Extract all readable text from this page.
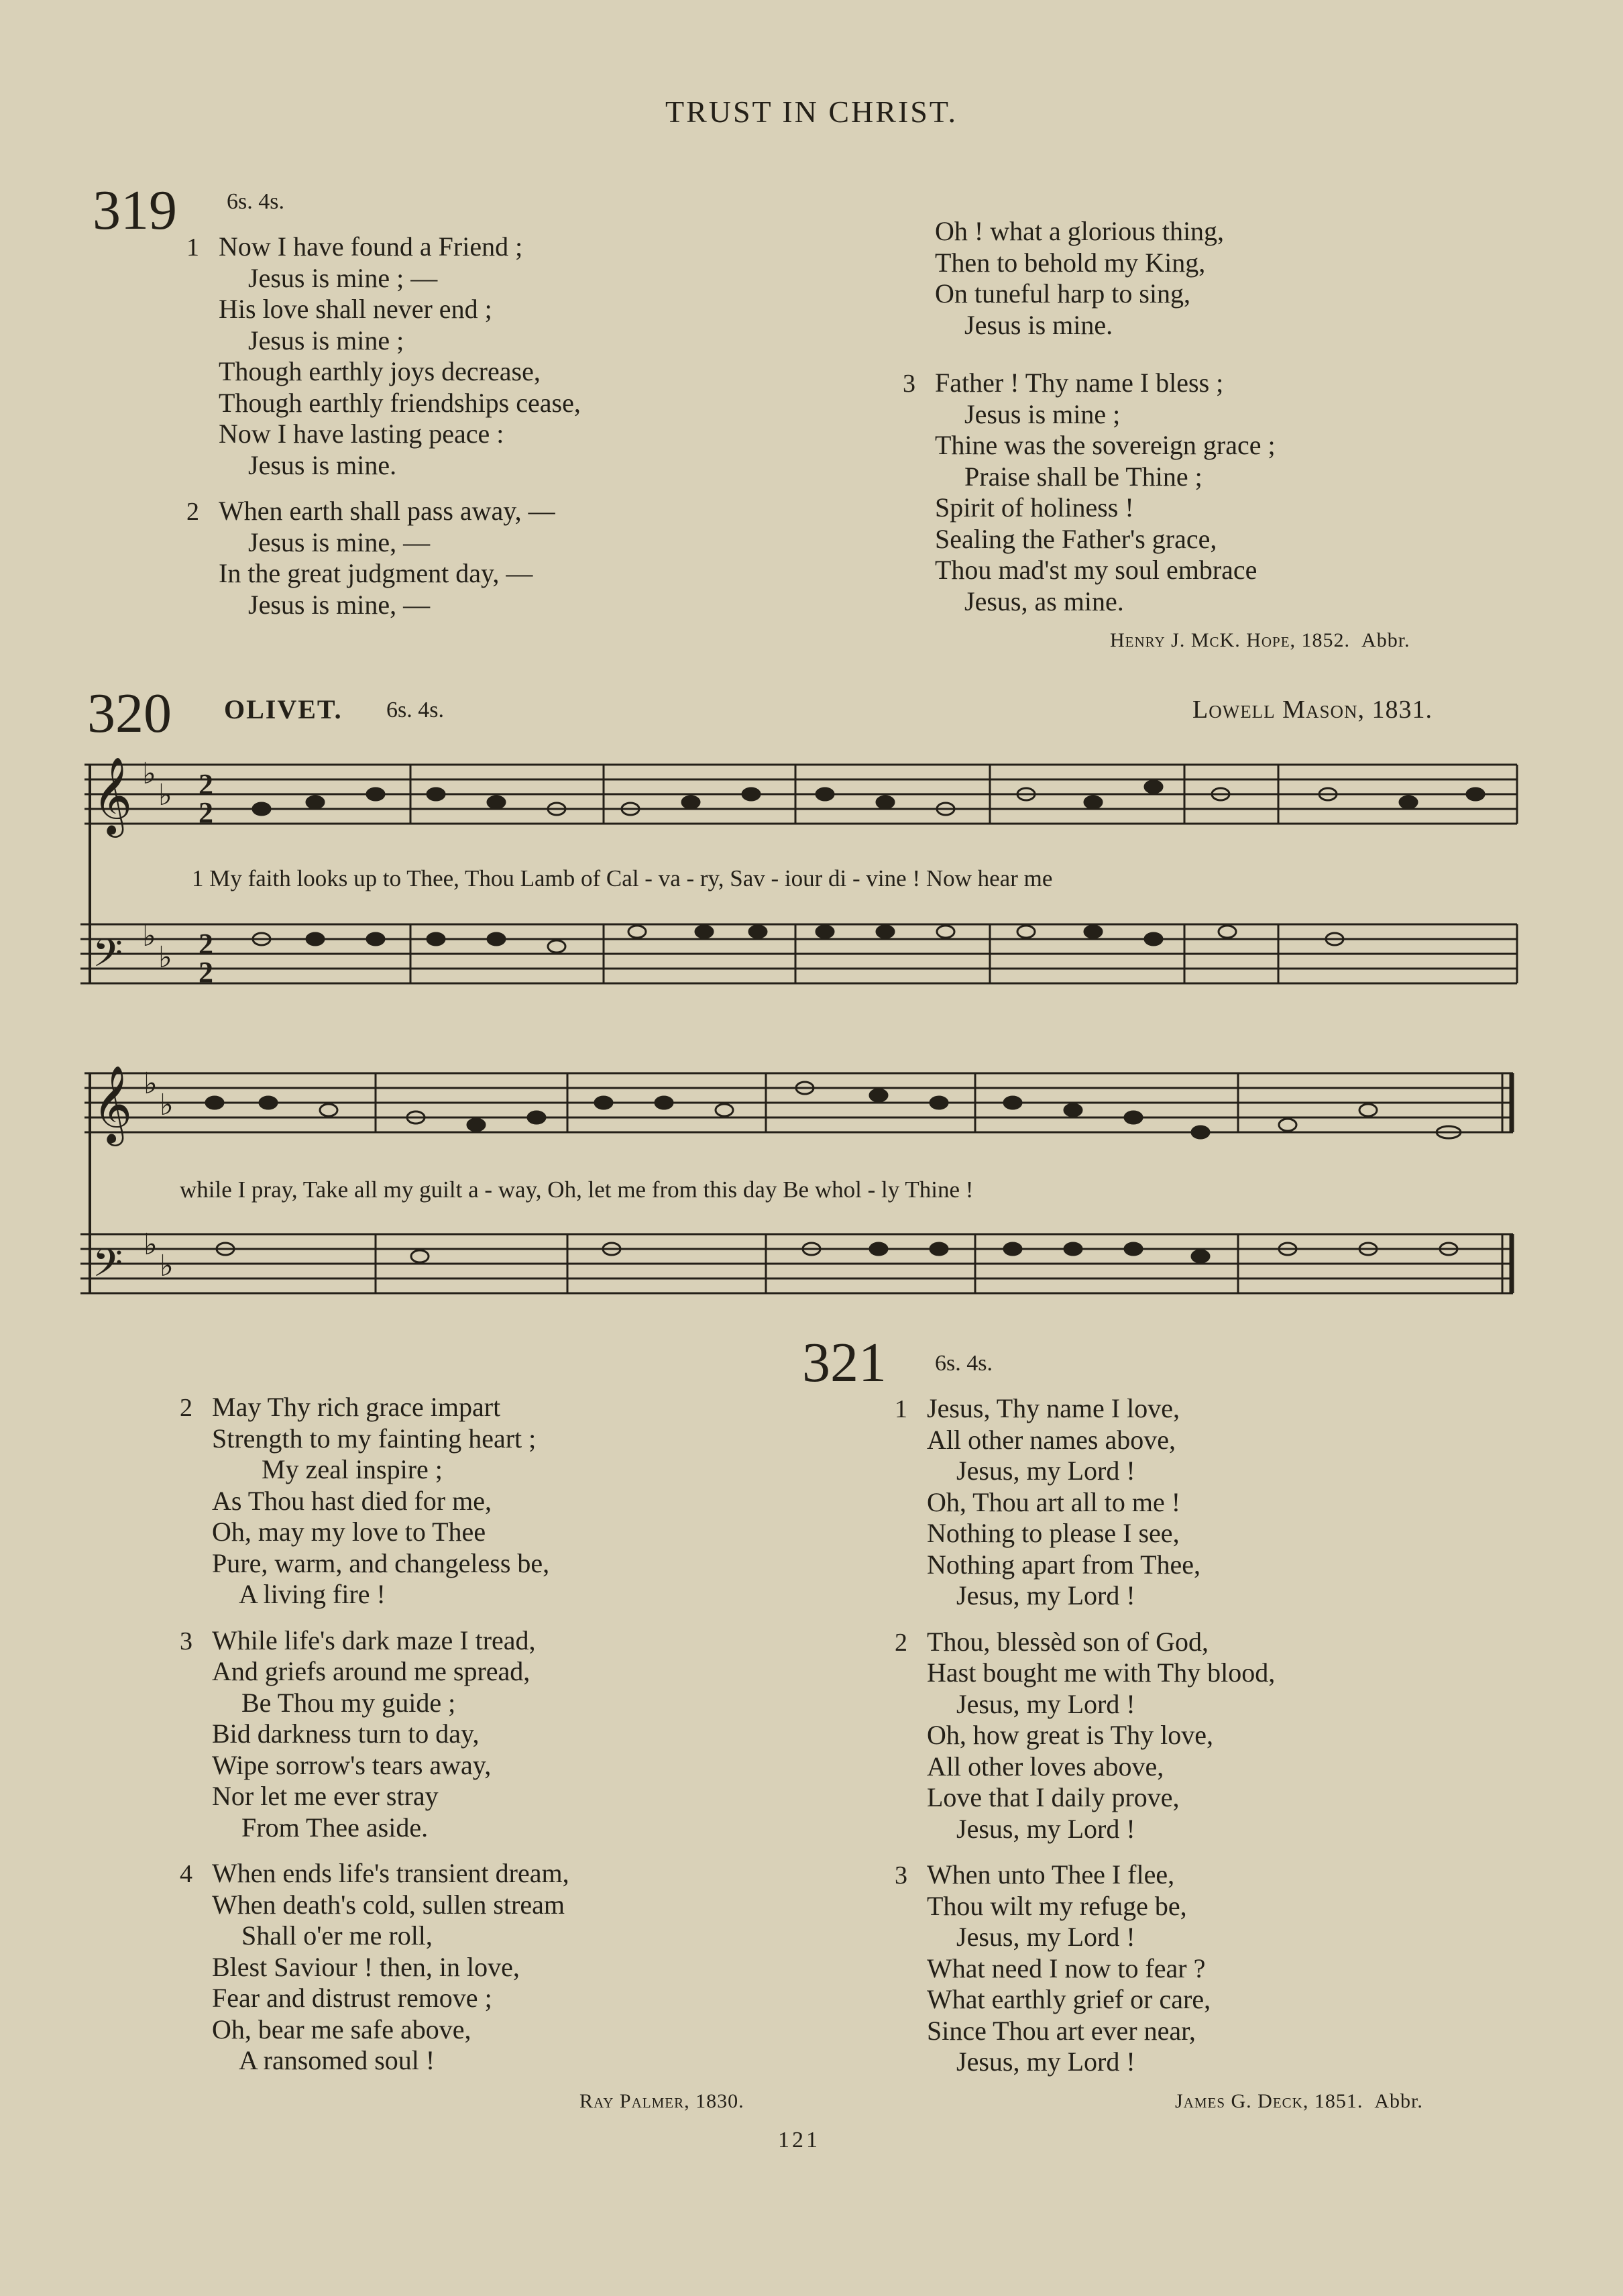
TRUST IN CHRIST.
319 6s. 4s.
1 Now I have found a Friend ;
Jesus is mine ; —
His love shall never end ;
Jesus is mine ;
Though earthly joys decrease,
Though earthly friendships cease,
Now I have lasting peace :
Jesus is mine.
2 When earth shall pass away, —
Jesus is mine, —
In the great judgment day, —
Jesus is mine, —
Oh ! what a glorious thing,
Then to behold my King,
On tuneful harp to sing,
Jesus is mine.
3 Father ! Thy name I bless ;
Jesus is mine ;
Thine was the sovereign grace ;
Praise shall be Thine ;
Spirit of holiness !
Sealing the Father's grace,
Thou mad'st my soul embrace
Jesus, as mine.
Henry J. McK. Hope, 1852. Abbr.
320 OLIVET. 6s. 4s.	Lowell Mason, 1831.
𝄞
𝄢
𝄞
𝄢
♭
♭
♭
♭
♭
♭
♭
♭
2
2
2
2
1 My faith looks up to Thee, Thou Lamb of Cal - va - ry, Sav - iour di - vine ! Now hear me
while I pray, Take all my guilt a - way, Oh, let me from this day Be whol - ly Thine !
2 May Thy rich grace impart
Strength to my fainting heart ;
My zeal inspire ;
As Thou hast died for me,
Oh, may my love to Thee
Pure, warm, and changeless be,
A living fire !
3 While life's dark maze I tread,
And griefs around me spread,
Be Thou my guide ;
Bid darkness turn to day,
Wipe sorrow's tears away,
Nor let me ever stray
From Thee aside.
4 When ends life's transient dream,
When death's cold, sullen stream
Shall o'er me roll,
Blest Saviour ! then, in love,
Fear and distrust remove ;
Oh, bear me safe above,
A ransomed soul !
Ray Palmer, 1830.
321 6s. 4s.
1 Jesus, Thy name I love,
All other names above,
Jesus, my Lord !
Oh, Thou art all to me !
Nothing to please I see,
Nothing apart from Thee,
Jesus, my Lord !
2 Thou, blessèd son of God,
Hast bought me with Thy blood,
Jesus, my Lord !
Oh, how great is Thy love,
All other loves above,
Love that I daily prove,
Jesus, my Lord !
3 When unto Thee I flee,
Thou wilt my refuge be,
Jesus, my Lord !
What need I now to fear ?
What earthly grief or care,
Since Thou art ever near,
Jesus, my Lord !
James G. Deck, 1851. Abbr.
121
